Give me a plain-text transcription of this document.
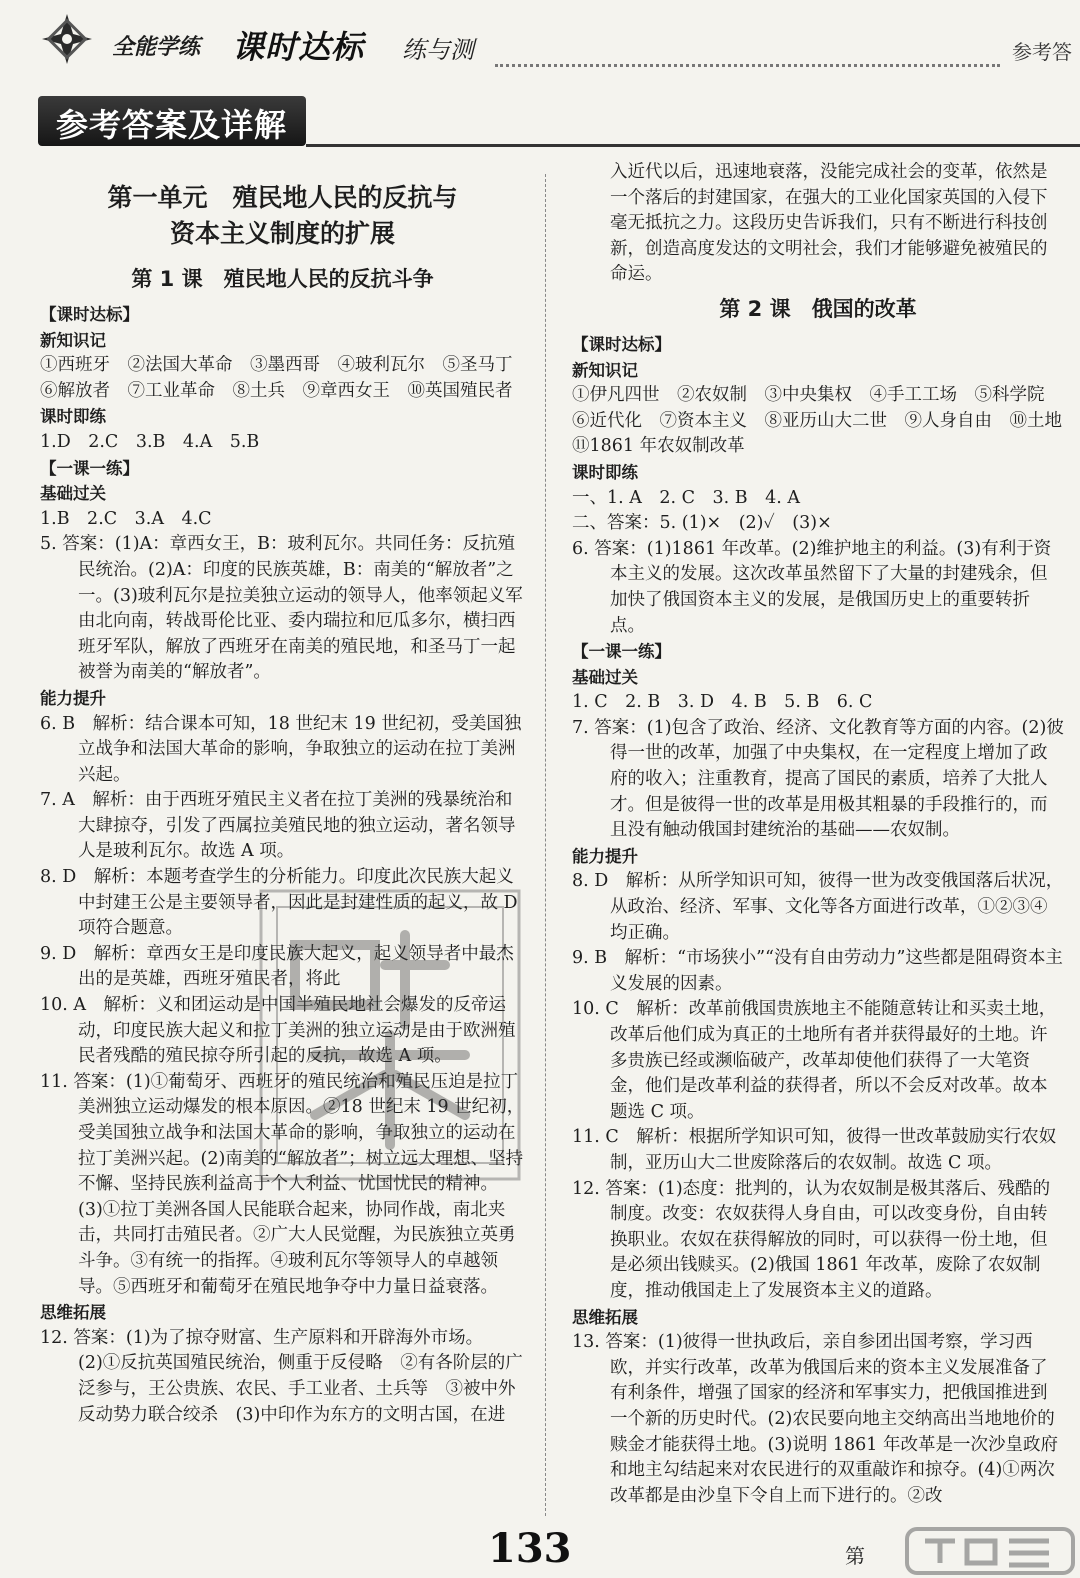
全能学练 课时达标 练与测	参考答
参考答案及详解
第一单元　殖民地人民的反抗与
资本主义制度的扩展
第 1 课　殖民地人民的反抗斗争
【课时达标】
新知识记
①西班牙　②法国大革命　③墨西哥　④玻利瓦尔　⑤圣马丁　⑥解放者　⑦工业革命　⑧土兵　⑨章西女王　⑩英国殖民者
课时即练
1.D　2.C　3.B　4.A　5.B
【一课一练】
基础过关
1.B　2.C　3.A　4.C
5. 答案：(1)A：章西女王，B：玻利瓦尔。共同任务：反抗殖民统治。(2)A：印度的民族英雄，B：南美的“解放者”之一。(3)玻利瓦尔是拉美独立运动的领导人，他率领起义军由北向南，转战哥伦比亚、委内瑞拉和厄瓜多尔，横扫西班牙军队，解放了西班牙在南美的殖民地，和圣马丁一起被誉为南美的“解放者”。
能力提升
6. B　解析：结合课本可知，18 世纪末 19 世纪初，受美国独立战争和法国大革命的影响，争取独立的运动在拉丁美洲兴起。
7. A　解析：由于西班牙殖民主义者在拉丁美洲的残暴统治和大肆掠夺，引发了西属拉美殖民地的独立运动，著名领导人是玻利瓦尔。故选 A 项。
8. D　解析：本题考查学生的分析能力。印度此次民族大起义中封建王公是主要领导者，因此是封建性质的起义，故 D 项符合题意。
9. D　解析：章西女王是印度民族大起义，起义领导者中最杰出的是英雄，西班牙殖民者，将此
10. A　解析：义和团运动是中国半殖民地社会爆发的反帝运动，印度民族大起义和拉丁美洲的独立运动是由于欧洲殖民者残酷的殖民掠夺所引起的反抗，故选 A 项。
11. 答案：(1)①葡萄牙、西班牙的殖民统治和殖民压迫是拉丁美洲独立运动爆发的根本原因。②18 世纪末 19 世纪初，受美国独立战争和法国大革命的影响，争取独立的运动在拉丁美洲兴起。(2)南美的“解放者”；树立远大理想、坚持不懈、坚持民族利益高于个人利益、忧国忧民的精神。(3)①拉丁美洲各国人民能联合起来，协同作战，南北夹击，共同打击殖民者。②广大人民觉醒，为民族独立英勇斗争。③有统一的指挥。④玻利瓦尔等领导人的卓越领导。⑤西班牙和葡萄牙在殖民地争夺中力量日益衰落。
思维拓展
12. 答案：(1)为了掠夺财富、生产原料和开辟海外市场。(2)①反抗英国殖民统治，侧重于反侵略　②有各阶层的广泛参与，王公贵族、农民、手工业者、土兵等　③被中外反动势力联合绞杀　(3)中印作为东方的文明古国，在进
入近代以后，迅速地衰落，没能完成社会的变革，依然是一个落后的封建国家，在强大的工业化国家英国的入侵下毫无抵抗之力。这段历史告诉我们，只有不断进行科技创新，创造高度发达的文明社会，我们才能够避免被殖民的命运。
第 2 课　俄国的改革
【课时达标】
新知识记
①伊凡四世　②农奴制　③中央集权　④手工工场　⑤科学院　⑥近代化　⑦资本主义　⑧亚历山大二世　⑨人身自由　⑩土地　⑪1861 年农奴制改革
课时即练
一、1. A　2. C　3. B　4. A
二、答案：5. (1)×　(2)✓　(3)×
6. 答案：(1)1861 年改革。(2)维护地主的利益。(3)有利于资本主义的发展。这次改革虽然留下了大量的封建残余，但加快了俄国资本主义的发展，是俄国历史上的重要转折点。
【一课一练】
基础过关
1. C　2. B　3. D　4. B　5. B　6. C
7. 答案：(1)包含了政治、经济、文化教育等方面的内容。(2)彼得一世的改革，加强了中央集权，在一定程度上增加了政府的收入；注重教育，提高了国民的素质，培养了大批人才。但是彼得一世的改革是用极其粗暴的手段推行的，而且没有触动俄国封建统治的基础——农奴制。
能力提升
8. D　解析：从所学知识可知，彼得一世为改变俄国落后状况，从政治、经济、军事、文化等各方面进行改革，①②③④均正确。
9. B　解析：“市场狭小”“没有自由劳动力”这些都是阻碍资本主义发展的因素。
10. C　解析：改革前俄国贵族地主不能随意转让和买卖土地，改革后他们成为真正的土地所有者并获得最好的土地。许多贵族已经或濒临破产，改革却使他们获得了一大笔资金，他们是改革利益的获得者，所以不会反对改革。故本题选 C 项。
11. C　解析：根据所学知识可知，彼得一世改革鼓励实行农奴制，亚历山大二世废除落后的农奴制。故选 C 项。
12. 答案：(1)态度：批判的，认为农奴制是极其落后、残酷的制度。改变：农奴获得人身自由，可以改变身份，自由转换职业。农奴在获得解放的同时，可以获得一份土地，但是必须出钱赎买。(2)俄国 1861 年改革，废除了农奴制度，推动俄国走上了发展资本主义的道路。
思维拓展
13. 答案：(1)彼得一世执政后，亲自参团出国考察，学习西欧，并实行改革，改革为俄国后来的资本主义发展准备了有利条件，增强了国家的经济和军事实力，把俄国推进到一个新的历史时代。(2)农民要向地主交纳高出当地地价的赎金才能获得土地。(3)说明 1861 年改革是一次沙皇政府和地主勾结起来对农民进行的双重敲诈和掠夺。(4)①两次改革都是由沙皇下令自上而下进行的。②改
133	第
